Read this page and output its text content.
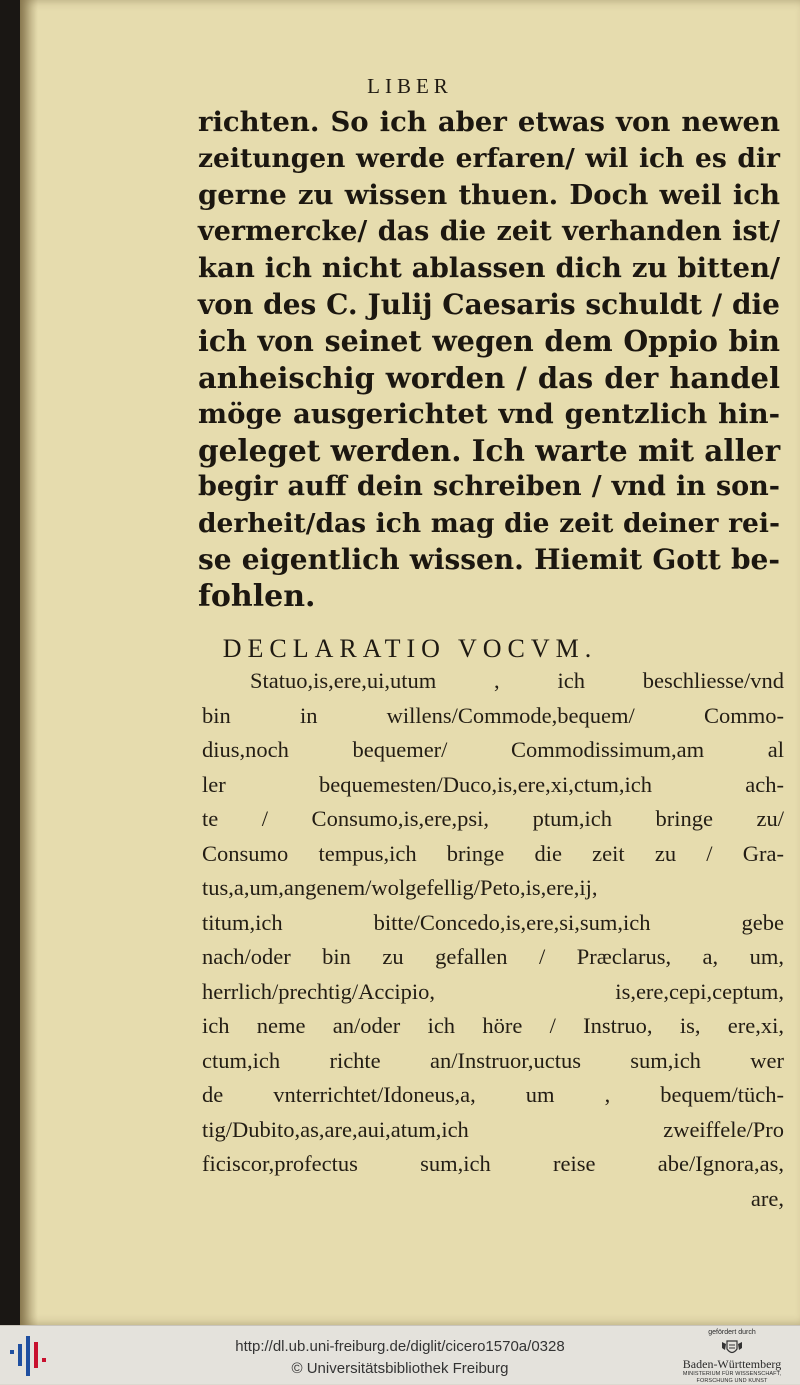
LIBER
richten. So ich aber etwas von newen
zeitungen werde erfaren/ wil ich es dir
gerne zu wissen thuen. Doch weil ich
vermercke/ das die zeit verhanden ist/
kan ich nicht ablassen dich zu bitten/
von des C. Julij Caesaris schuldt / die
ich von seinet wegen dem Oppio bin
anheischig worden / das der handel
möge ausgerichtet vnd gentzlich hin-
geleget werden. Ich warte mit aller
begir auff dein schreiben / vnd in son-
derheit/das ich mag die zeit deiner rei-
se eigentlich wissen. Hiemit Gott be-
fohlen.
DECLARATIO VOCVM.
Statuo,is,ere,ui,utum , ich beschliesse/vnd
bin in willens/Commode,bequem/ Commo-
dius,noch bequemer/ Commodissimum,am al
ler bequemesten/Duco,is,ere,xi,ctum,ich ach-
te / Consumo,is,ere,psi, ptum,ich bringe zu/
Consumo tempus,ich bringe die zeit zu / Gra-
tus,a,um,angenem/wolgefellig/Peto,is,ere,ij,
titum,ich bitte/Concedo,is,ere,si,sum,ich gebe
nach/oder bin zu gefallen / Præclarus, a, um,
herrlich/prechtig/Accipio, is,ere,cepi,ceptum,
ich neme an/oder ich höre / Instruo, is, ere,xi,
ctum,ich richte an/Instruor,uctus sum,ich wer
de vnterrichtet/Idoneus,a, um , bequem/tüch-
tig/Dubito,as,are,aui,atum,ich zweiffele/Pro
ficiscor,profectus sum,ich reise abe/Ignora,as,
are,
http://dl.ub.uni-freiburg.de/diglit/cicero1570a/0328
© Universitätsbibliothek Freiburg
gefördert durch
Baden-Württemberg
MINISTERIUM FÜR WISSENSCHAFT, FORSCHUNG UND KUNST
